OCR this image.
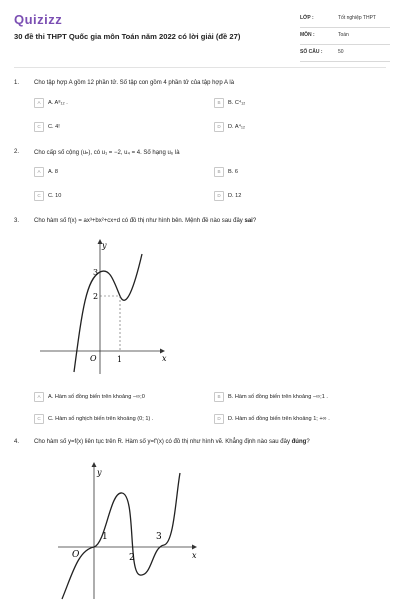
Quizizz
30 đề thi THPT Quốc gia môn Toán năm 2022 có lời giải (đề 27)
LỚP :	Tốt nghiệp THPT
MÔN :	Toán
SỐ CÂU :	50
1. Cho tập hợp A gồm 12 phần tử. Số tập con gồm 4 phần tử của tập hợp A là
A A. A⁸₁₂ .	B B. C⁴₁₂
C C. 4!	D D. A⁴₁₂
2. Cho cấp số cộng (uₙ), có u₁ = −2, u₄ = 4. Số hạng u₆ là
A A. 8	B B. 6
C C. 10	D D. 12
3. Cho hàm số f(x) = ax³+bx²+cx+d có đồ thị như hình bên. Mệnh đề nào sau đây sai?
y
x
O
3
2
1
A A. Hàm số đồng biến trên khoảng −∞;0	B B. Hàm số đồng biến trên khoảng −∞;1 .
C C. Hàm số nghịch biến trên khoảng (0; 1) .	D D. Hàm số đồng biến trên khoảng 1; +∞ .
4. Cho hàm số y=f(x) liên tục trên R. Hàm số y=f'(x) có đồ thị như hình vẽ. Khẳng định nào sau đây đúng?
y
x
O
1
2
3
